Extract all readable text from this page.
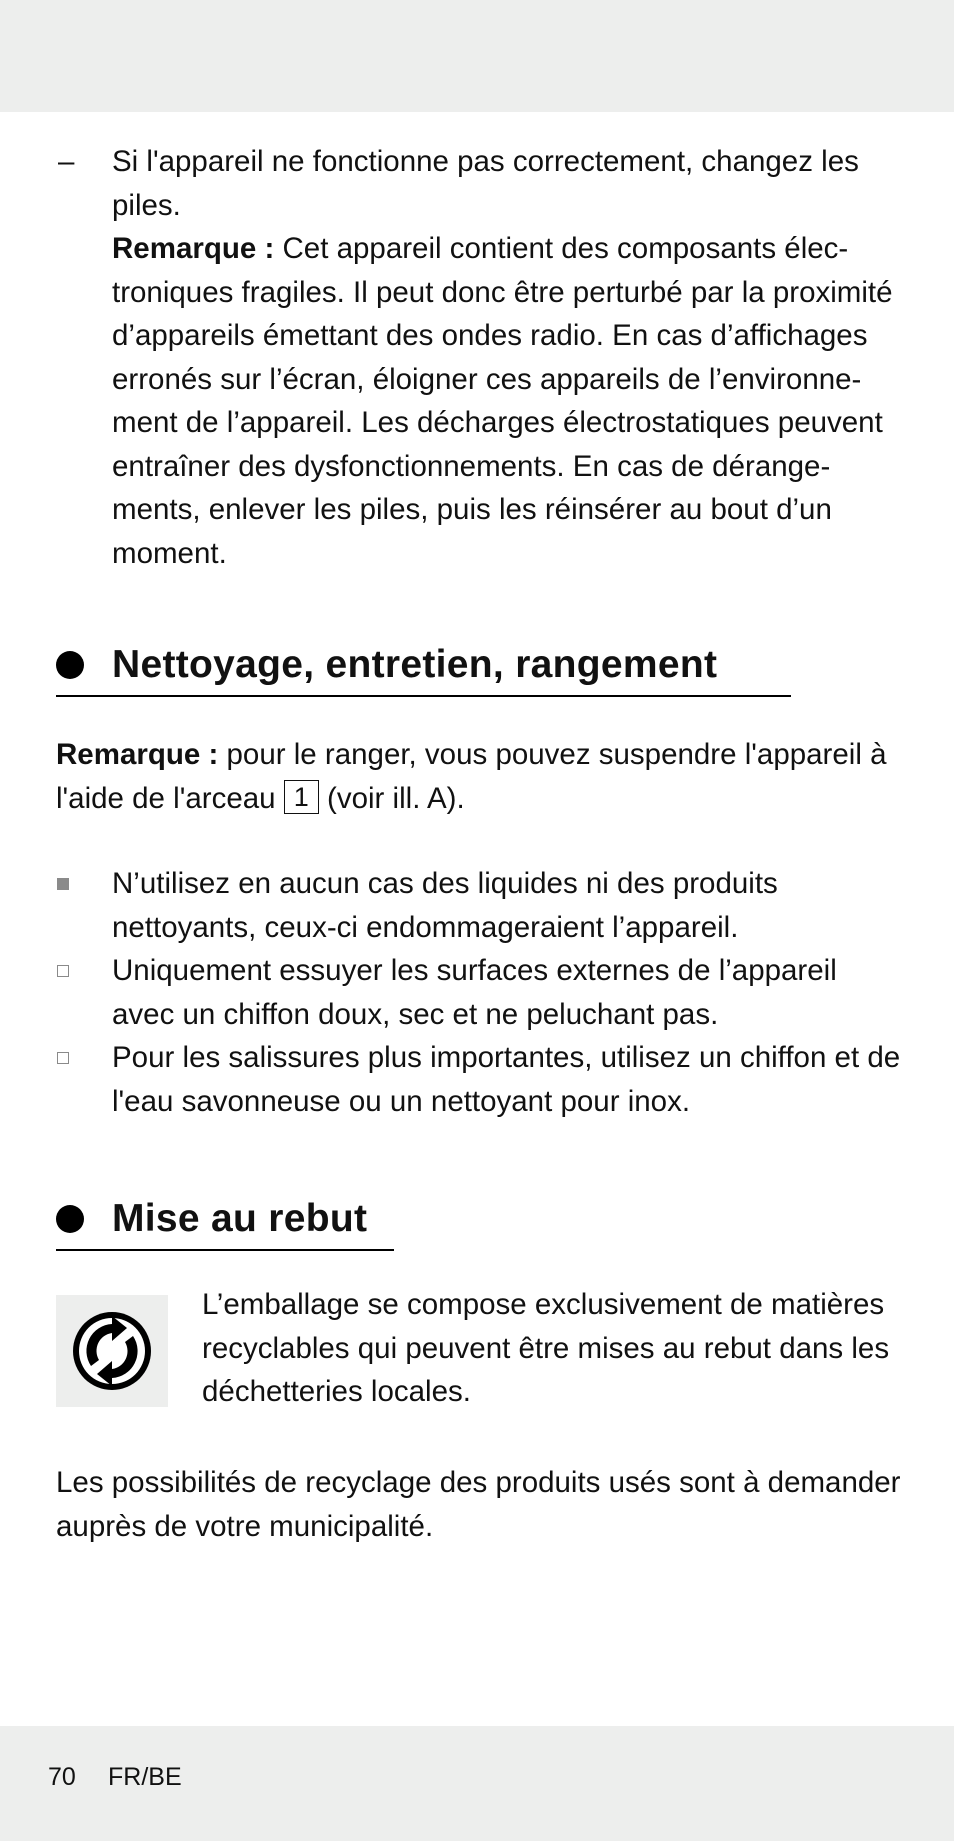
– Si l'appareil ne fonctionne pas correctement, changez les piles.

Remarque : Cet appareil contient des composants électroniques fragiles. Il peut donc être perturbé par la proximité d’appareils émettant des ondes radio. En cas d’affichages erronés sur l’écran, éloigner ces appareils de l’environnement de l’appareil. Les décharges électrostatiques peuvent entraîner des dysfonctionnements. En cas de dérangements, enlever les piles, puis les réinsérer au bout d’un moment.

Nettoyage, entretien, rangement

Remarque : pour le ranger, vous pouvez suspendre l'appareil à l'aide de l'arceau 1 (voir ill. A).

N’utilisez en aucun cas des liquides ni des produits nettoyants, ceux-ci endommageraient l’appareil.
Uniquement essuyer les surfaces externes de l’appareil avec un chiffon doux, sec et ne peluchant pas.
Pour les salissures plus importantes, utilisez un chiffon et de l'eau savonneuse ou un nettoyant pour inox.
Mise au rebut

L’emballage se compose exclusivement de matières recyclables qui peuvent être mises au rebut dans les déchetteries locales.

Les possibilités de recyclage des produits usés sont à demander auprès de votre municipalité.

70 FR/BE
